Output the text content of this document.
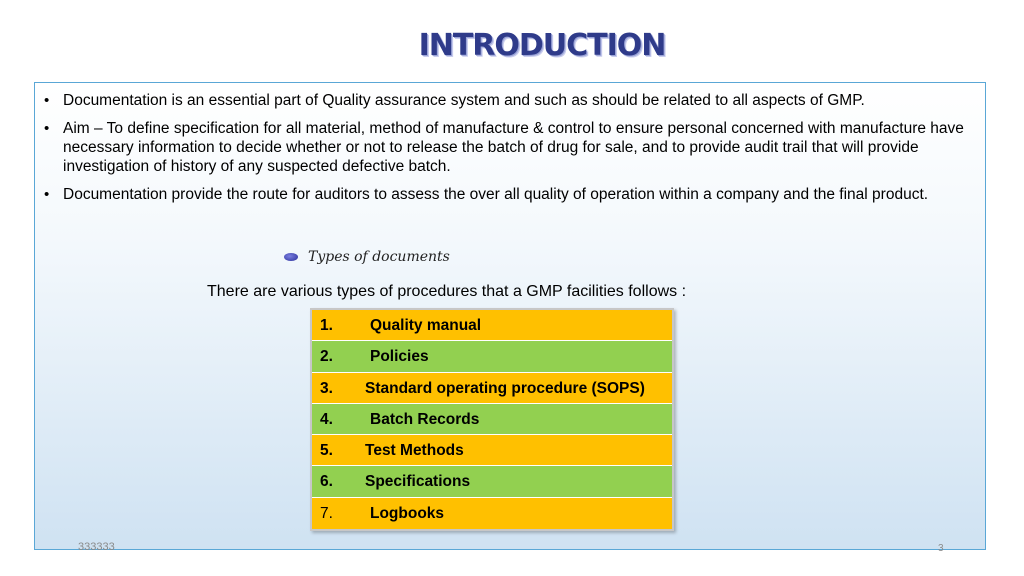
INTRODUCTION
• Documentation is an essential part of Quality assurance system and such as should be related to all aspects of GMP.
• Aim – To define specification for all material, method of manufacture & control to ensure personal concerned with manufacture have necessary information to decide whether or not to release the batch of drug for sale, and to provide audit trail that will provide investigation of history of any suspected defective batch.
• Documentation provide the route for auditors to assess the over all quality of operation within a company and the final product.
Types of documents
There are various types of procedures that a GMP facilities follows :
1. Quality manual
2. Policies
3. Standard operating procedure (SOPS)
4. Batch Records
5. Test Methods
6. Specifications
7. Logbooks
333333	3
